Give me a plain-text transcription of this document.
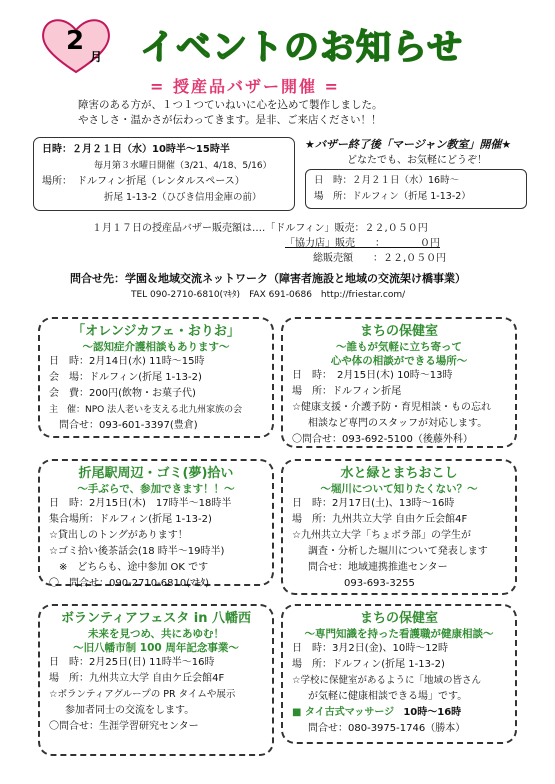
2
月 イベントのお知らせ
= 授産品バザー開催 =
障害のある方が、１つ１つていねいに心を込めて製作しました。
やさしさ・温かさが伝わってきます。是非、ご来店ください！！
日時：２月２１日（水）10時半〜15時半
毎月第３水曜日開催（3/21、4/18、5/16）
場所：　ドルフィン折尾（レンタルスペース）
折尾 1-13-2（ひびき信用金庫の前）
★バザー終了後「マージャン教室」開催★
どなたでも、お気軽にどうぞ！
日　時：２月２１日（水）16時〜
場　所：ドルフィン（折尾 1-13-2）
１月１７日の授産品バザー販売額は‥‥「ドルフィン」販売：２２,０５０円
「協力店」販売　　：　　　　０円
総販売額　　：２２,０５０円
問合せ先：学園＆地域交流ネットワーク（障害者施設と地域の交流架け橋事業）
TEL 090-2710-6810(ﾏｷﾀ)　FAX 691-0686　http://friestar.com/
「オレンジカフェ・おりお」
〜認知症介護相談もあります〜
日　時：2月14日(水) 11時〜15時
会　場：ドルフィン(折尾 1-13-2)
会　費：200円(飲物・お菓子代)
主　催：NPO 法人老いを支える北九州家族の会
　問合せ：093-601-3397(豊倉)
まちの保健室
〜誰もが気軽に立ち寄って
心や体の相談ができる場所〜
日　時：　2月15日(木) 10時〜13時
場　所：ドルフィン折尾
☆健康支援・介護予防・育児相談・もの忘れ
相談など専門のスタッフが対応します。
〇問合せ：093-692-5100（後藤外科）
折尾駅周辺・ゴミ(夢)拾い
〜手ぶらで、参加できます！！〜
日　時：2月15日(木)　17時半〜18時半
集合場所：ドルフィン(折尾 1-13-2)
☆貸出しのトングがあります！
☆ゴミ拾い後茶話会(18 時半〜19時半)
　※　どちらも、途中参加 OK です
〇　問合せ：090-2710-6810(ﾏｷﾀ)
水と緑とまちおこし
〜堀川について知りたくない？〜
日　時：2月17日(土)、13時〜16時
場　所：九州共立大学 自由ケ丘会館4F
☆九州共立大学「ちょボラ部」の学生が
調査・分析した堀川について発表します
問合せ：地域連携推進センター
093-693-3255
ボランティアフェスタ in 八幡西
未来を見つめ、共にあゆむ！
〜旧八幡市制 100 周年記念事業〜
日　時：2月25日(日) 11時半〜16時
場　所：九州共立大学 自由ケ丘会館4F
☆ボランティアグループの PR タイムや展示
参加者同士の交流をします。
〇問合せ：生涯学習研究センター
まちの保健室
〜専門知識を持った看護職が健康相談〜
日　時：3月2日(金)、10時〜12時
場　所：ドルフィン(折尾 1-13-2)
☆学校に保健室があるように「地域の皆さん
が気軽に健康相談できる場」です。
■ タイ古式マッサージ 10時〜16時
問合せ：080-3975-1746（勝本）
